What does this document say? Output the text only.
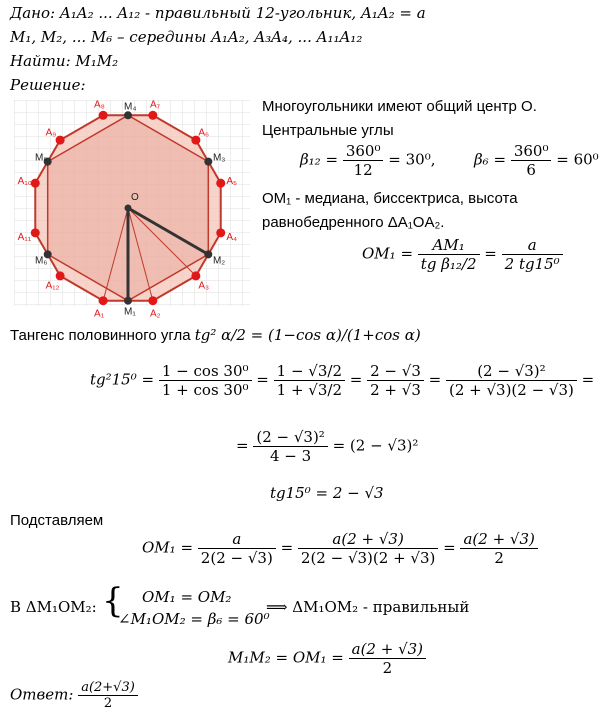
Дано: A₁A₂ ... A₁₂ - правильный 12-угольник, A₁A₂ = a
M₁, M₂, ... M₆ – середины A₁A₂, A₃A₄, ... A₁₁A₁₂
Найти: M₁M₂
Решение:
A₁	A₂
A₃
A₄
A₅
A₆
A₇
A₈
A₉
A₁₀
A₁₁
A₁₂
M₁
M₂
M₃
M₄
M₅
M₆
O
Многоугольники имеют общий центр O.
Центральные углы
$\beta_{12} = \frac{\text{360⁰}}{12} = 30^0$,	$\beta_6 = \frac{\text{360⁰}}{6} = 60^0$
OM₁ - медиана, биссектриса, высота
равнобедренного ΔA₁OA₂.
$OM_1 = \frac{\text{AM₁}}{\text{tg β₁₂/2}} = \frac{a}{\text{2 tg15⁰}}$
Тангенс половинного угла tg² α/2 = (1−cos α)/(1+cos α)
$tg^215^0 = \frac{\text{1 − cos 30⁰}}{\text{1 + cos 30⁰}} = \frac{1 - √3/2}{1 + √3/2} = \frac{2 - √3}{2 + √3} = \frac{\text{(2 − √3)²}}{(2 + √3)(2 - √3)}$ =
= $\frac{\text{(2 − √3)²}}{4 - 3} = (2 - √3)^2$
tg15⁰ = 2 − √3
Подставляем
$OM_1 = \frac{a}{2(2 - √3)} = \frac{a(2 + √3)}{2(2 - √3)(2 + √3)} = \frac{a(2 + √3)}{2}$
В ΔM₁OM₂: { OM₁ = OM₂
∠M₁OM₂ = β₆ = 60⁰
⟹ ΔM₁OM₂ - правильный
$M_1M_2 = OM_1 = \frac{a(2 + √3)}{2}$
Ответ: $\frac{a(2+√3)}{2}$
